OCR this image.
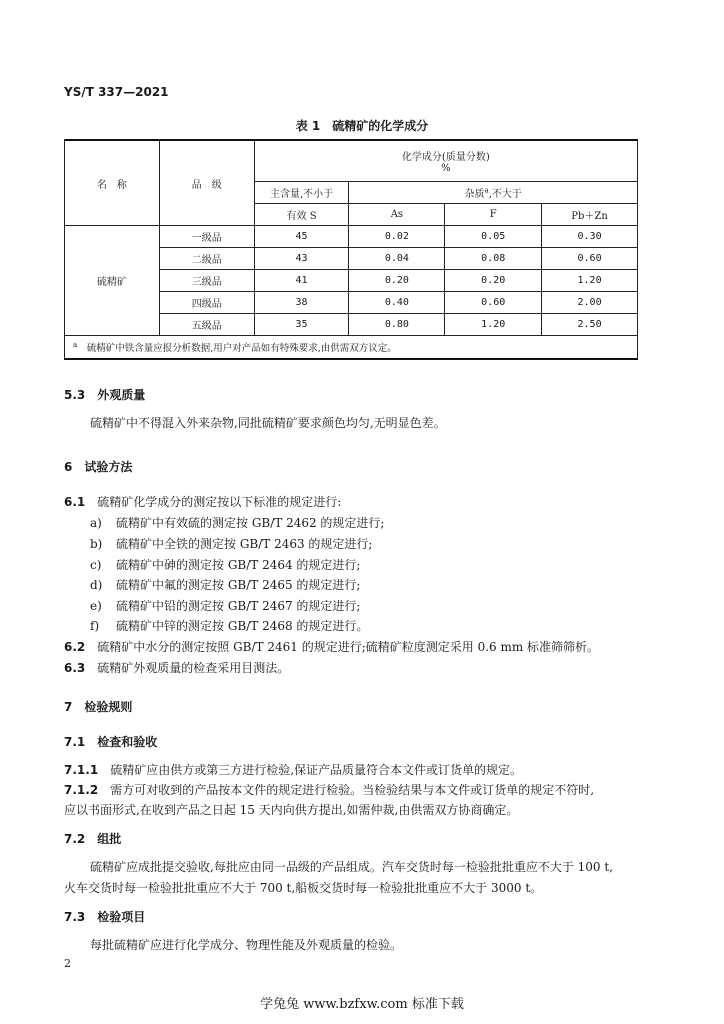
YS/T 337—2021
表 1　硫精矿的化学成分
名　称	品　级	化学成分(质量分数)
%			

		主含量,不小于	杂质$^a$,不大于		
		有效 S	As	F	Pb＋Zn
硫精矿	一级品	45	0.02	0.05	0.30
	二级品	43	0.04	0.08	0.60
	三级品	41	0.20	0.20	1.20
	四级品	38	0.40	0.60	2.00
	五级品	35	0.80	1.20	2.50
$^a$　 硫精矿中铁含量应报分析数据,用户对产品如有特殊要求,由供需双方议定。					
5.3　 外观质量
硫精矿中不得混入外来杂物,同批硫精矿要求颜色均匀,无明显色差。
6　 试验方法
6.1　 硫精矿化学成分的测定按以下标准的规定进行:
a) 硫精矿中有效硫的测定按 GB/T 2462 的规定进行;
b) 硫精矿中全铁的测定按 GB/T 2463 的规定进行;
c) 硫精矿中砷的测定按 GB/T 2464 的规定进行;
d) 硫精矿中氟的测定按 GB/T 2465 的规定进行;
e) 硫精矿中铅的测定按 GB/T 2467 的规定进行;
f) 硫精矿中锌的测定按 GB/T 2468 的规定进行。
6.2　 硫精矿中水分的测定按照 GB/T 2461 的规定进行;硫精矿粒度测定采用 0.6 mm 标准筛筛析。
6.3　 硫精矿外观质量的检查采用目测法。
7　 检验规则
7.1　 检查和验收
7.1.1　 硫精矿应由供方或第三方进行检验,保证产品质量符合本文件或订货单的规定。
7.1.2　 需方可对收到的产品按本文件的规定进行检验。当检验结果与本文件或订货单的规定不符时,
应以书面形式,在收到产品之日起 15 天内向供方提出,如需仲裁,由供需双方协商确定。
7.2　 组批
硫精矿应成批提交验收,每批应由同一品级的产品组成。汽车交货时每一检验批批重应不大于 100 t,
火车交货时每一检验批批重应不大于 700 t,船板交货时每一检验批批重应不大于 3000 t。
7.3　 检验项目
每批硫精矿应进行化学成分、物理性能及外观质量的检验。
2
学兔兔 www.bzfxw.com 标准下载
